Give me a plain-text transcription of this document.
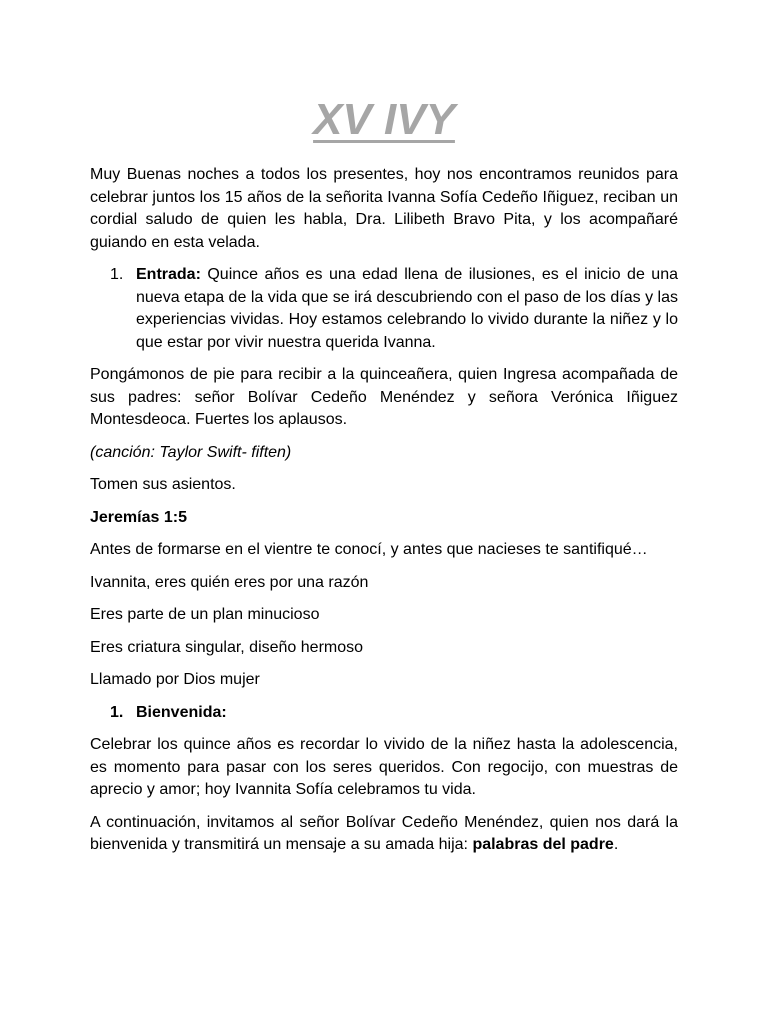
XV IVY

Muy Buenas noches a todos los presentes, hoy nos encontramos reunidos para celebrar juntos los 15 años de la señorita Ivanna Sofía Cedeño Iñiguez, reciban un cordial saludo de quien les habla, Dra. Lilibeth Bravo Pita, y los acompañaré guiando en esta velada.

1. Entrada: Quince años es una edad llena de ilusiones, es el inicio de una nueva etapa de la vida que se irá descubriendo con el paso de los días y las experiencias vividas. Hoy estamos celebrando lo vivido durante la niñez y lo que estar por vivir nuestra querida Ivanna.

Pongámonos de pie para recibir a la quinceañera, quien Ingresa acompañada de sus padres: señor Bolívar Cedeño Menéndez y señora Verónica Iñiguez Montesdeoca. Fuertes los aplausos.

(canción: Taylor Swift- fiften)

Tomen sus asientos.

Jeremías 1:5

Antes de formarse en el vientre te conocí, y antes que nacieses te santifiqué…

Ivannita, eres quién eres por una razón

Eres parte de un plan minucioso

Eres criatura singular, diseño hermoso

Llamado por Dios mujer

1. Bienvenida:

Celebrar los quince años es recordar lo vivido de la niñez hasta la adolescencia, es momento para pasar con los seres queridos. Con regocijo, con muestras de aprecio y amor; hoy Ivannita Sofía celebramos tu vida.

A continuación, invitamos al señor Bolívar Cedeño Menéndez, quien nos dará la bienvenida y transmitirá un mensaje a su amada hija: palabras del padre.
